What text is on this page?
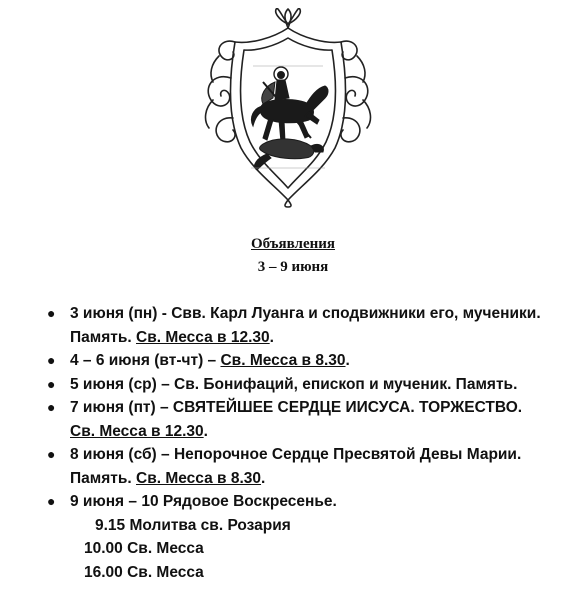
Объявления
3 – 9 июня
● 3 июня (пн) - Свв. Карл Луанга и сподвижники его, мученики.
Память. Св. Месса в 12.30.
● 4 – 6 июня (вт-чт) – Св. Месса в 8.30.
● 5 июня (ср) – Св. Бонифаций, епископ и мученик. Память.
● 7 июня (пт) – СВЯТЕЙШЕЕ СЕРДЦЕ ИИСУСА. ТОРЖЕСТВО.
Св. Месса в 12.30.
● 8 июня (сб) – Непорочное Сердце Пресвятой Девы Марии.
Память. Св. Месса в 8.30.
● 9 июня – 10 Рядовое Воскресенье.
9.15 Молитва св. Розария
10.00 Св. Месса
16.00 Св. Месса
